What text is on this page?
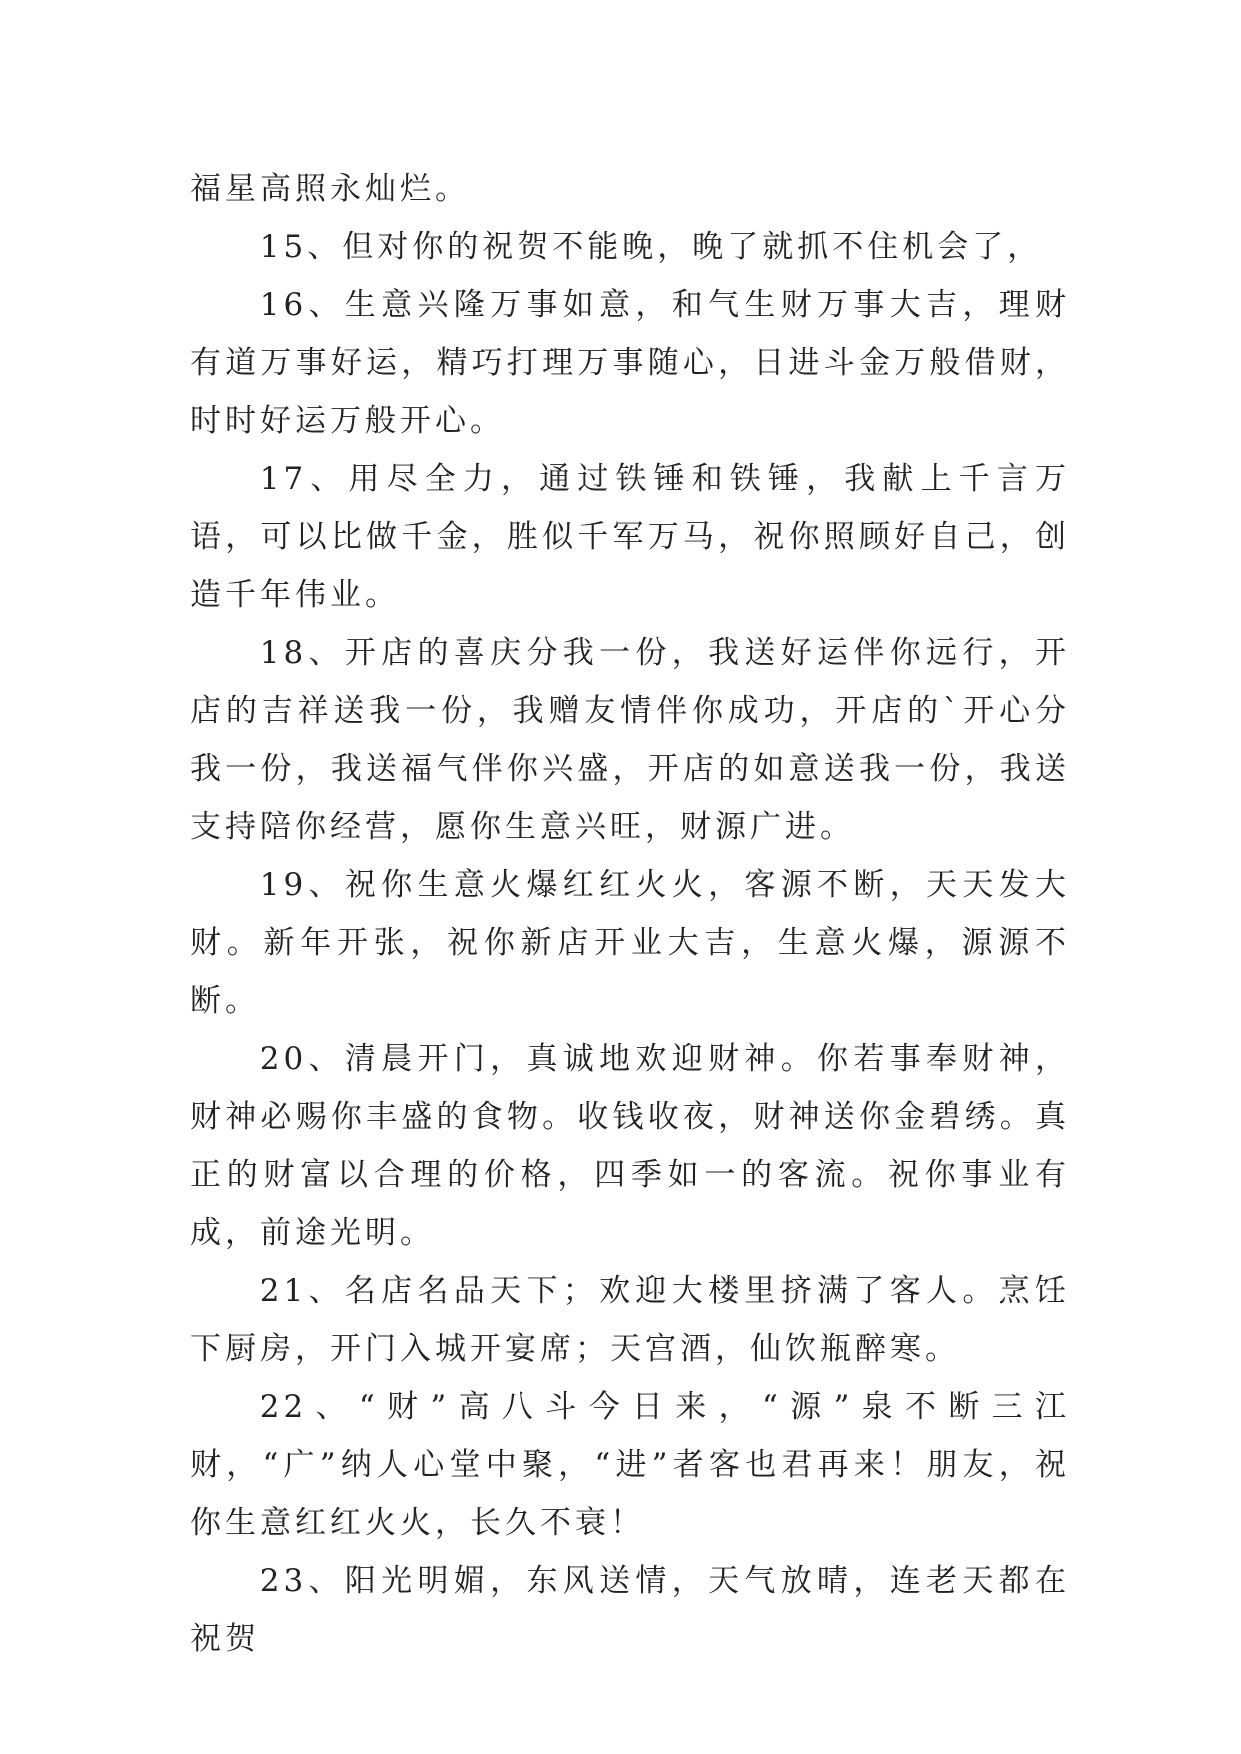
福星高照永灿烂。

15、但对你的祝贺不能晚，晚了就抓不住机会了，

16、生意兴隆万事如意，和气生财万事大吉，理财有道万事好运，精巧打理万事随心，日进斗金万般借财，时时好运万般开心。

17、用尽全力，通过铁锤和铁锤，我献上千言万语，可以比做千金，胜似千军万马，祝你照顾好自己，创造千年伟业。

18、开店的喜庆分我一份，我送好运伴你远行，开店的吉祥送我一份，我赠友情伴你成功，开店的`开心分我一份，我送福气伴你兴盛，开店的如意送我一份，我送支持陪你经营，愿你生意兴旺，财源广进。

19、祝你生意火爆红红火火，客源不断，天天发大财。新年开张，祝你新店开业大吉，生意火爆，源源不断。

20、清晨开门，真诚地欢迎财神。你若事奉财神，财神必赐你丰盛的食物。收钱收夜，财神送你金碧绣。真正的财富以合理的价格，四季如一的客流。祝你事业有成，前途光明。

21、名店名品天下；欢迎大楼里挤满了客人。烹饪下厨房，开门入城开宴席；天宫酒，仙饮瓶醉寒。

22、“财”高八斗今日来，“源”泉不断三江财，“广”纳人心堂中聚，“进”者客也君再来！朋友，祝你生意红红火火，长久不衰！

23、阳光明媚，东风送情，天气放晴，连老天都在祝贺
